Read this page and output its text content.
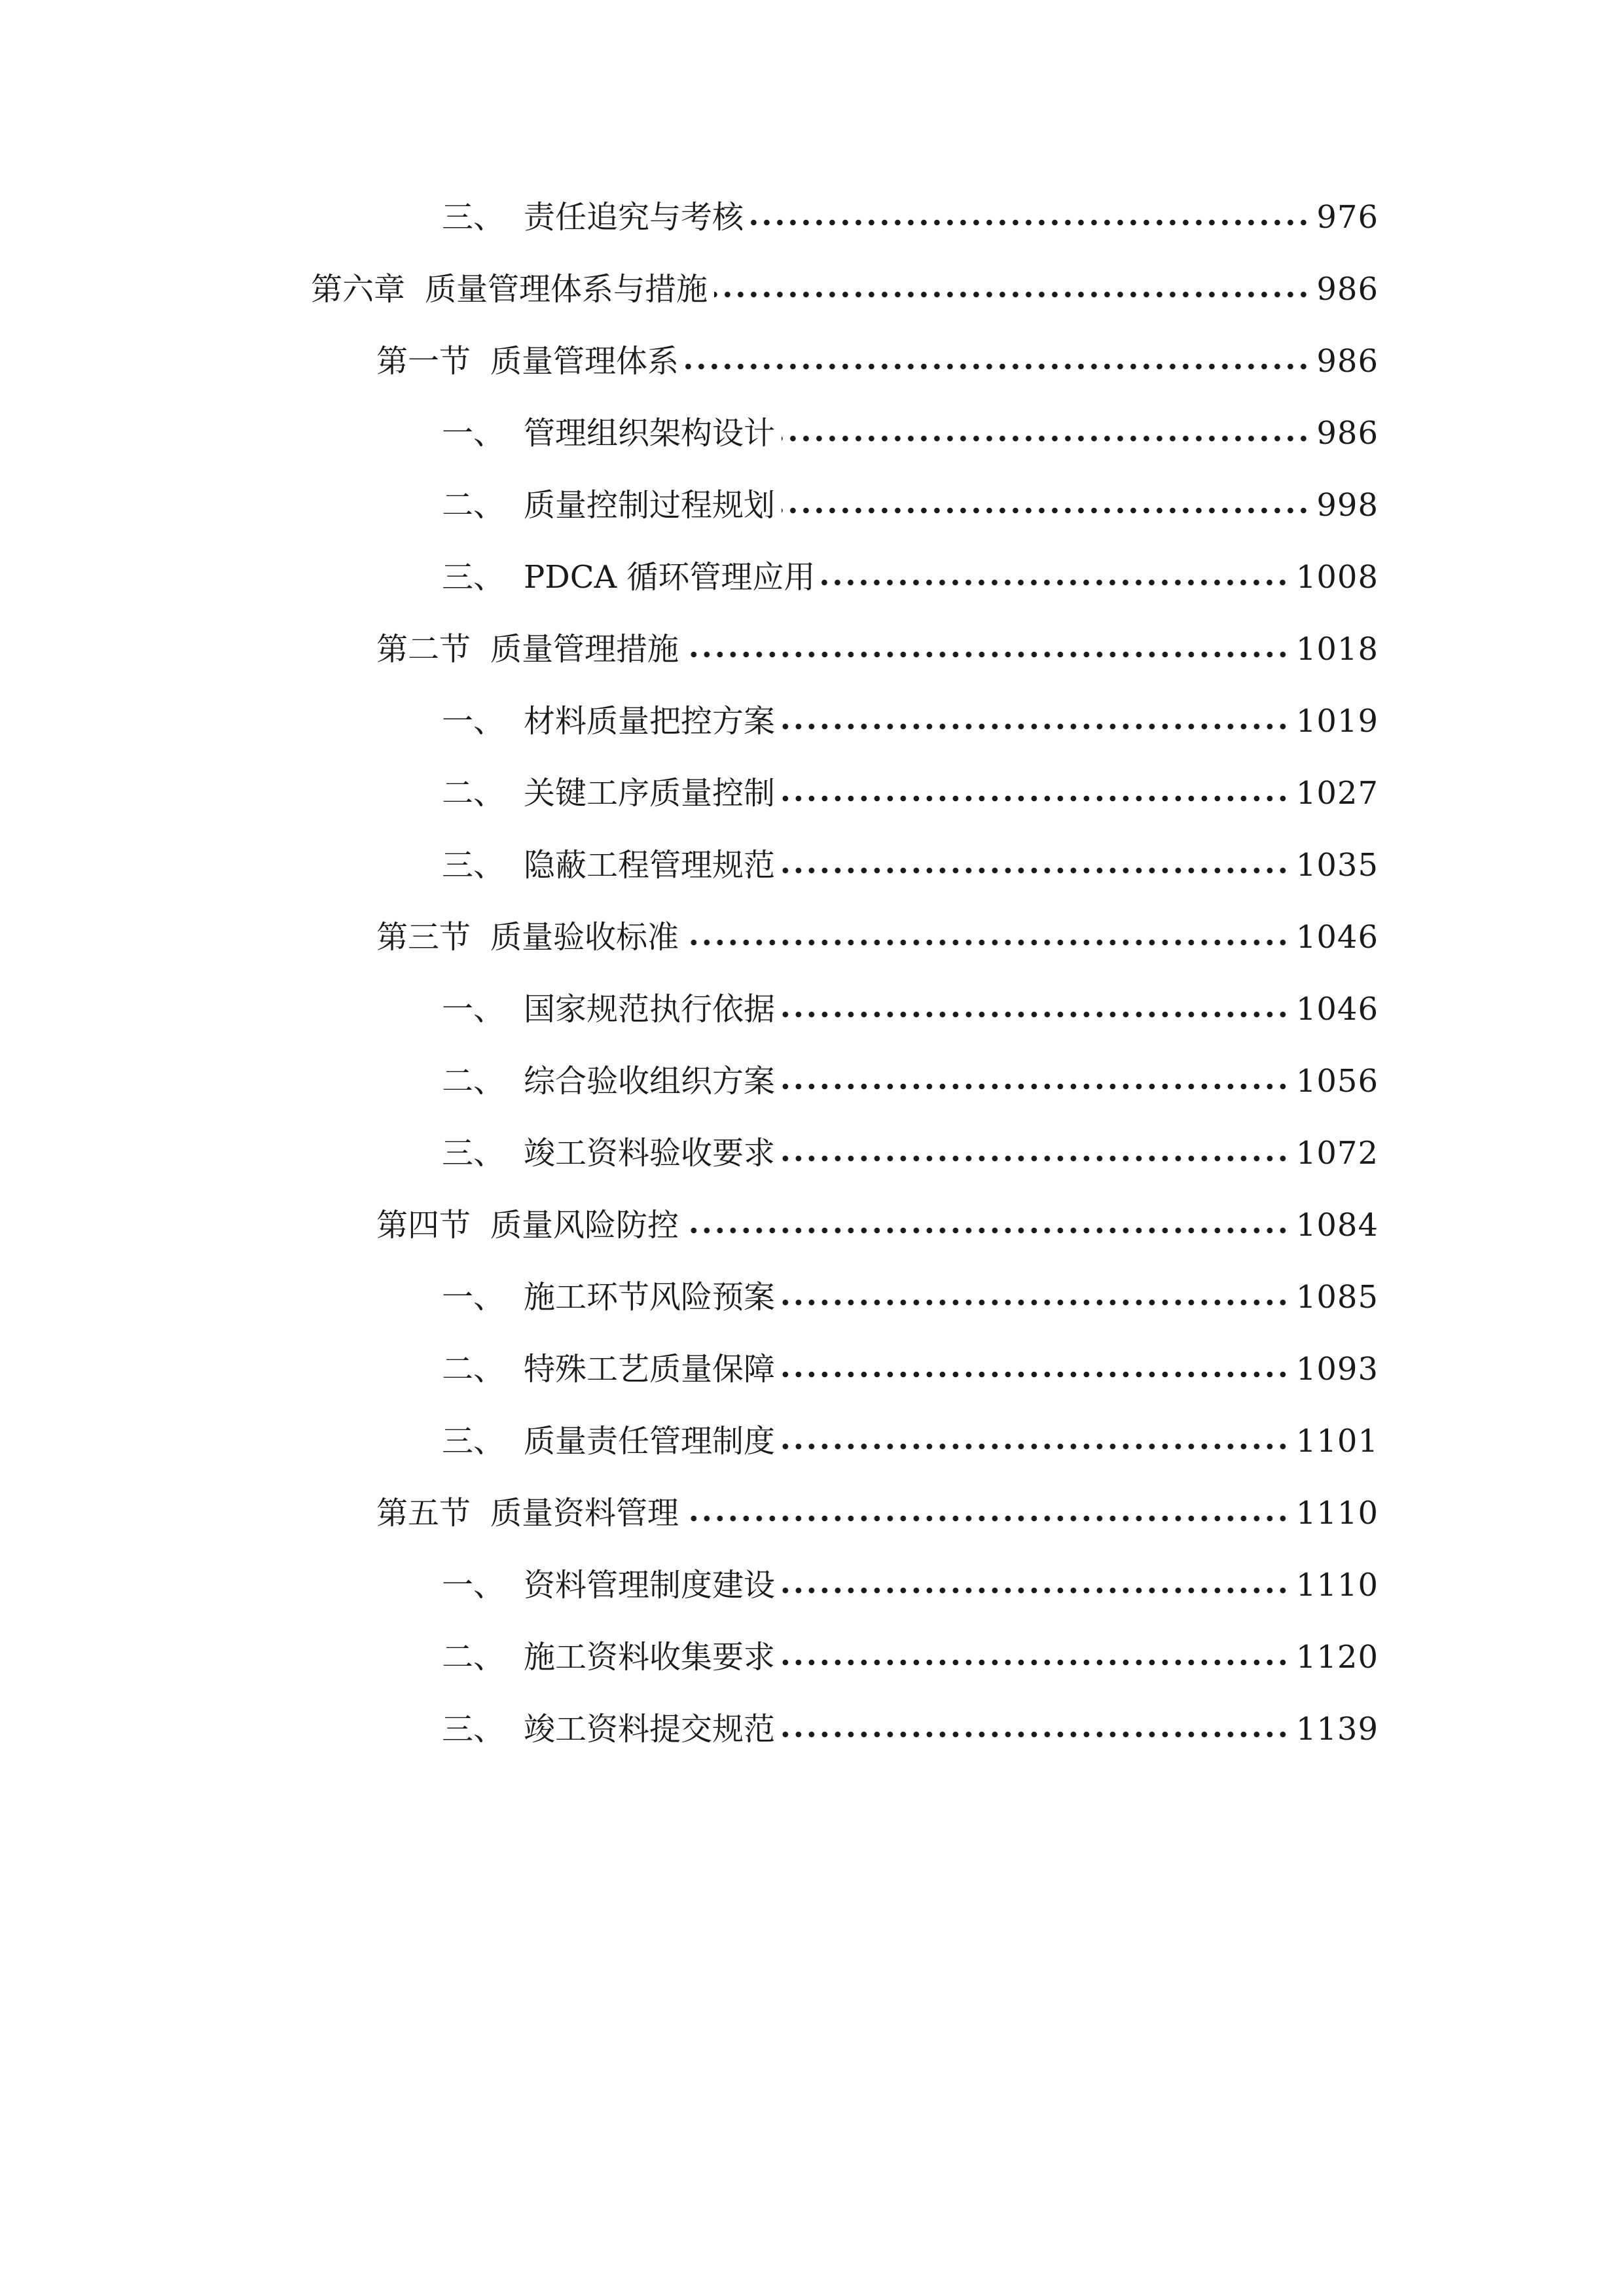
三、 责任追究与考核	976
第六章 质量管理体系与措施	986
第一节 质量管理体系	986
一、 管理组织架构设计	986
二、 质量控制过程规划	998
三、 PDCA 循环管理应用	1008
第二节 质量管理措施	1018
一、 材料质量把控方案	1019
二、 关键工序质量控制	1027
三、 隐蔽工程管理规范	1035
第三节 质量验收标准	1046
一、 国家规范执行依据	1046
二、 综合验收组织方案	1056
三、 竣工资料验收要求	1072
第四节 质量风险防控	1084
一、 施工环节风险预案	1085
二、 特殊工艺质量保障	1093
三、 质量责任管理制度	1101
第五节 质量资料管理	1110
一、 资料管理制度建设	1110
二、 施工资料收集要求	1120
三、 竣工资料提交规范	1139
